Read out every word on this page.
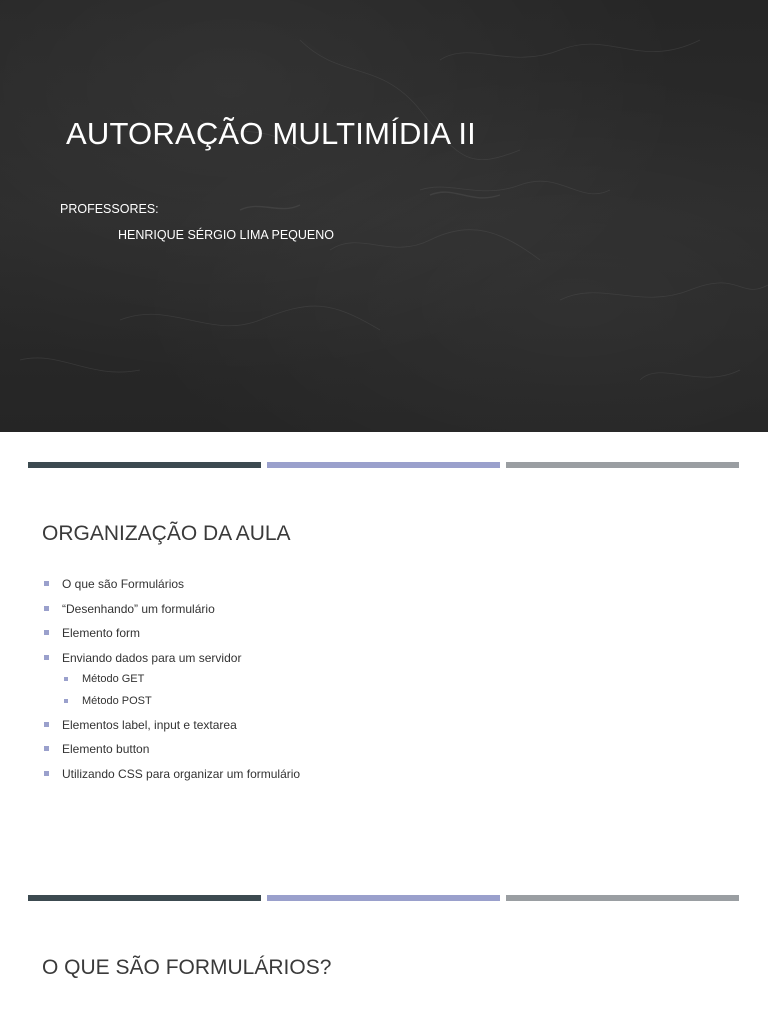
AUTORAÇÃO MULTIMÍDIA II

PROFESSORES:

HENRIQUE SÉRGIO LIMA PEQUENO

ORGANIZAÇÃO DA AULA
O que são Formulários
“Desenhando” um formulário
Elemento form
Enviando dados para um servidor
Método GET
Método POST
Elementos label, input e textarea
Elemento button
Utilizando CSS para organizar um formulário
O QUE SÃO FORMULÁRIOS?
